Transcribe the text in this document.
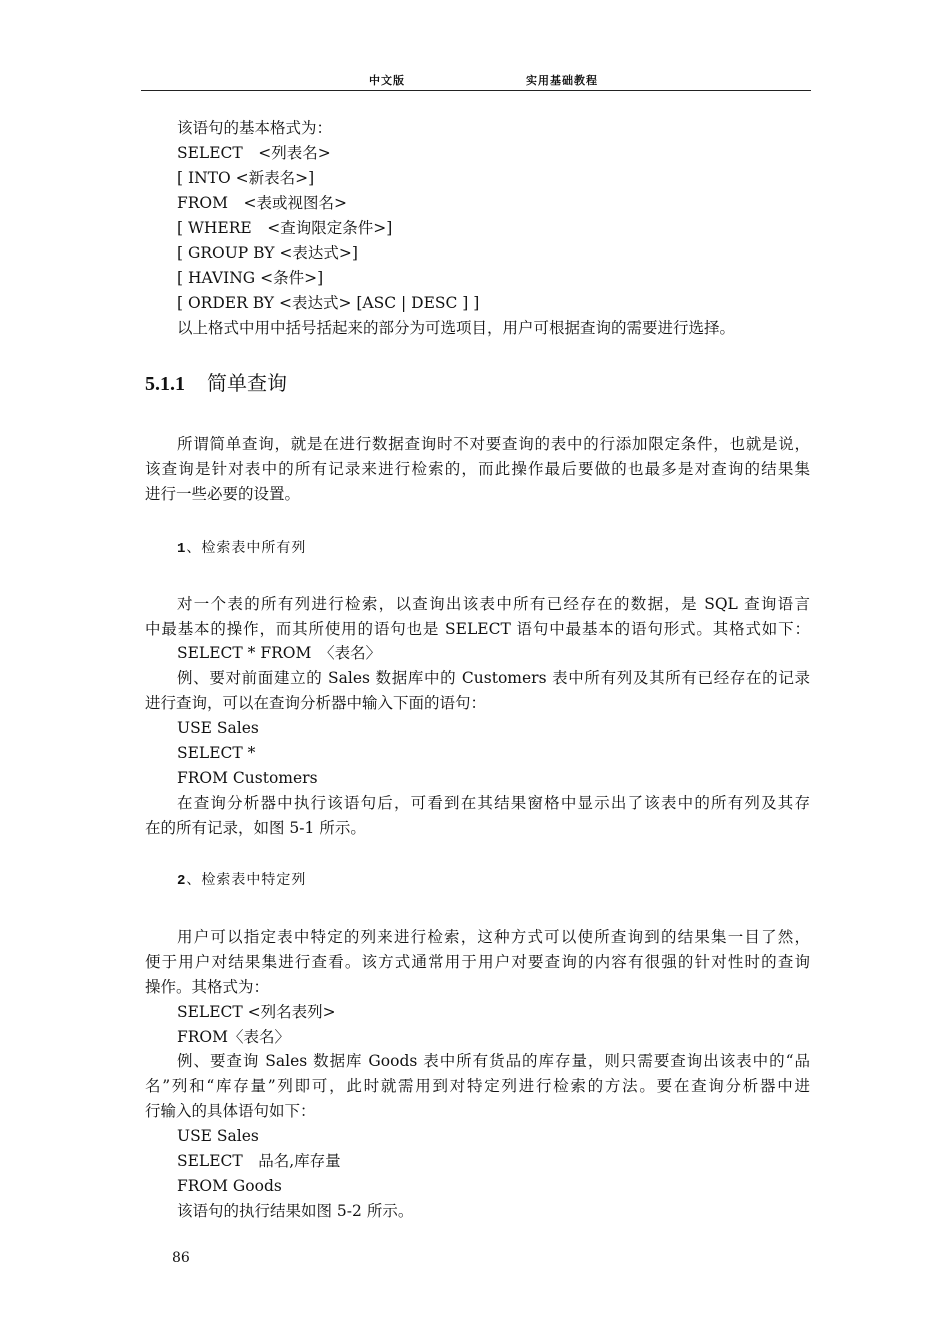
中文版	实用基础教程
该语句的基本格式为：
SELECT　<列表名>
[ INTO <新表名>]
FROM　<表或视图名>
[ WHERE　<查询限定条件>]
[ GROUP BY <表达式>]
[ HAVING <条件>]
[ ORDER BY <表达式> [ASC | DESC ] ]
以上格式中用中括号括起来的部分为可选项目，用户可根据查询的需要进行选择。
5.1.1 简单查询
所谓简单查询，就是在进行数据查询时不对要查询的表中的行添加限定条件，也就是说，
该查询是针对表中的所有记录来进行检索的，而此操作最后要做的也最多是对查询的结果集
进行一些必要的设置。
1、检索表中所有列
对一个表的所有列进行检索，以查询出该表中所有已经存在的数据，是 SQL 查询语言
中最基本的操作，而其所使用的语句也是 SELECT 语句中最基本的语句形式。其格式如下：
SELECT * FROM　〈表名〉
例、要对前面建立的 Sales 数据库中的 Customers 表中所有列及其所有已经存在的记录
进行查询，可以在查询分析器中输入下面的语句：
USE Sales
SELECT *
FROM Customers
在查询分析器中执行该语句后，可看到在其结果窗格中显示出了该表中的所有列及其存
在的所有记录，如图 5-1 所示。
2、检索表中特定列
用户可以指定表中特定的列来进行检索，这种方式可以使所查询到的结果集一目了然，
便于用户对结果集进行查看。该方式通常用于用户对要查询的内容有很强的针对性时的查询
操作。其格式为：
SELECT <列名表列>
FROM〈表名〉
例、要查询 Sales 数据库 Goods 表中所有货品的库存量，则只需要查询出该表中的“品
名”列和“库存量”列即可，此时就需用到对特定列进行检索的方法。要在查询分析器中进
行输入的具体语句如下：
USE Sales
SELECT　品名,库存量
FROM Goods
该语句的执行结果如图 5-2 所示。
86
